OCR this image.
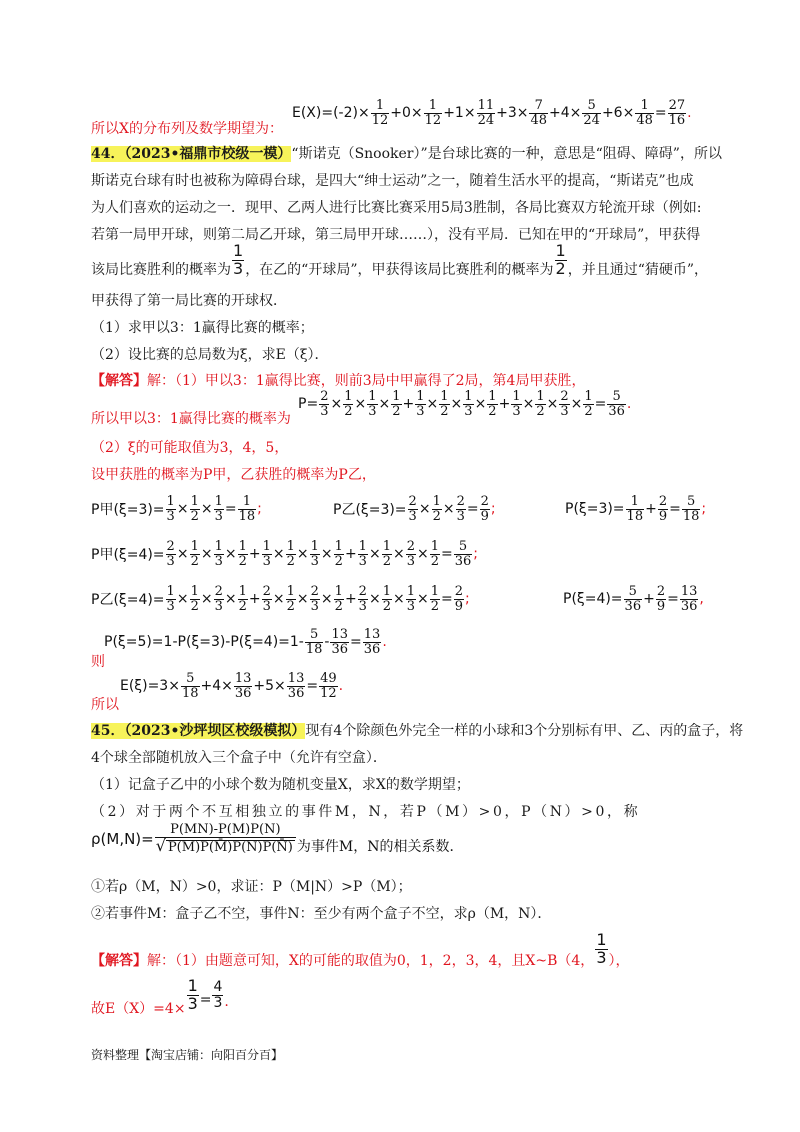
所以X的分布列及数学期望为：
$E(X)=(-2)\times \frac{1}{12} +0\times \frac{1}{12} +1\times \frac{11}{24} +3\times \frac{7}{48} +4\times \frac{5}{24} +6\times \frac{1}{48} = \frac{27}{16}$ .
44．（2023•福鼎市校级一模）“斯诺克（Snooker）”是台球比赛的一种，意思是“阻碍、障碍”，所以
斯诺克台球有时也被称为障碍台球，是四大“绅士运动”之一，随着生活水平的提高，“斯诺克”也成
为人们喜欢的运动之一．现甲、乙两人进行比赛比赛采用5局3胜制，各局比赛双方轮流开球（例如:
若第一局甲开球，则第二局乙开球，第三局甲开球……），没有平局．已知在甲的“开球局”，甲获得
该局比赛胜利的概率为 $\frac{1}{3}$ ，在乙的“开球局”，甲获得该局比赛胜利的概率为 $\frac{1}{2}$ ，并且通过“猜硬币”，
甲获得了第一局比赛的开球权．
（1）求甲以3：1赢得比赛的概率；
（2）设比赛的总局数为ξ，求E（ξ）．
【解答】解：（1）甲以3：1赢得比赛，则前3局中甲赢得了2局，第4局甲获胜，
所以甲以3：1赢得比赛的概率为
$P= \frac{2}{3} \times \frac{1}{2} \times \frac{1}{3} \times \frac{1}{2} + \frac{1}{3} \times \frac{1}{2} \times \frac{1}{3} \times \frac{1}{2} + \frac{1}{3} \times \frac{1}{2} \times \frac{2}{3} \times \frac{1}{2} = \frac{5}{36}$ .
（2）ξ的可能取值为3，4，5，
设甲获胜的概率为P甲，乙获胜的概率为P乙，
P甲$(\xi=3)= \frac{1}{3} \times \frac{1}{2} \times \frac{1}{3} = \frac{1}{18}$ ;	P乙$(\xi=3)= \frac{2}{3} \times \frac{1}{2} \times \frac{2}{3} = \frac{2}{9}$ ;	$P(\xi=3)= \frac{1}{18} + \frac{2}{9} = \frac{5}{18}$ ;
P甲$(\xi=4)= \frac{2}{3} \times \frac{1}{2} \times \frac{1}{3} \times \frac{1}{2} + \frac{1}{3} \times \frac{1}{2} \times \frac{1}{3} \times \frac{1}{2} + \frac{1}{3} \times \frac{1}{2} \times \frac{2}{3} \times \frac{1}{2} = \frac{5}{36}$ ;
P乙$(\xi=4)= \frac{1}{3} \times \frac{1}{2} \times \frac{2}{3} \times \frac{1}{2} + \frac{2}{3} \times \frac{1}{2} \times \frac{2}{3} \times \frac{1}{2} + \frac{2}{3} \times \frac{1}{2} \times \frac{1}{3} \times \frac{1}{2} = \frac{2}{9}$ ;	$P(\xi=4)= \frac{5}{36} + \frac{2}{9} = \frac{13}{36}$ ,
则
$P(\xi=5)=1-P(\xi=3)-P(\xi=4)=1- \frac{5}{18} - \frac{13}{36} = \frac{13}{36}$ .
所以
$E(\xi)=3\times \frac{5}{18} +4\times \frac{13}{36} +5\times \frac{13}{36} = \frac{49}{12}$ .
45．（2023•沙坪坝区校级模拟）现有4个除颜色外完全一样的小球和3个分别标有甲、乙、丙的盒子，将
4个球全部随机放入三个盒子中（允许有空盒）．
（1）记盒子乙中的小球个数为随机变量X，求X的数学期望；
（2）对于两个不互相独立的事件M，N，若P（M）>0，P（N）>0，称
$\rho(M,N)= \frac{P(MN)-P(M)P(N)}{√ P(M)P(M̄)P(N)P(N̄)}$ 为事件M，N的相关系数．
①若ρ（M，N）>0，求证：P（M|N）>P（M）；
②若事件M：盒子乙不空，事件N：至少有两个盒子不空，求ρ（M，N）．
【解答】 解：（1）由题意可知，X的可能的取值为0，1，2，3，4，且X~B（4， $\frac{1}{3}$ ），
故$E(X)=4\times \frac{1}{3} = \frac{4}{3}$ .
资料整理【淘宝店铺：向阳百分百】
